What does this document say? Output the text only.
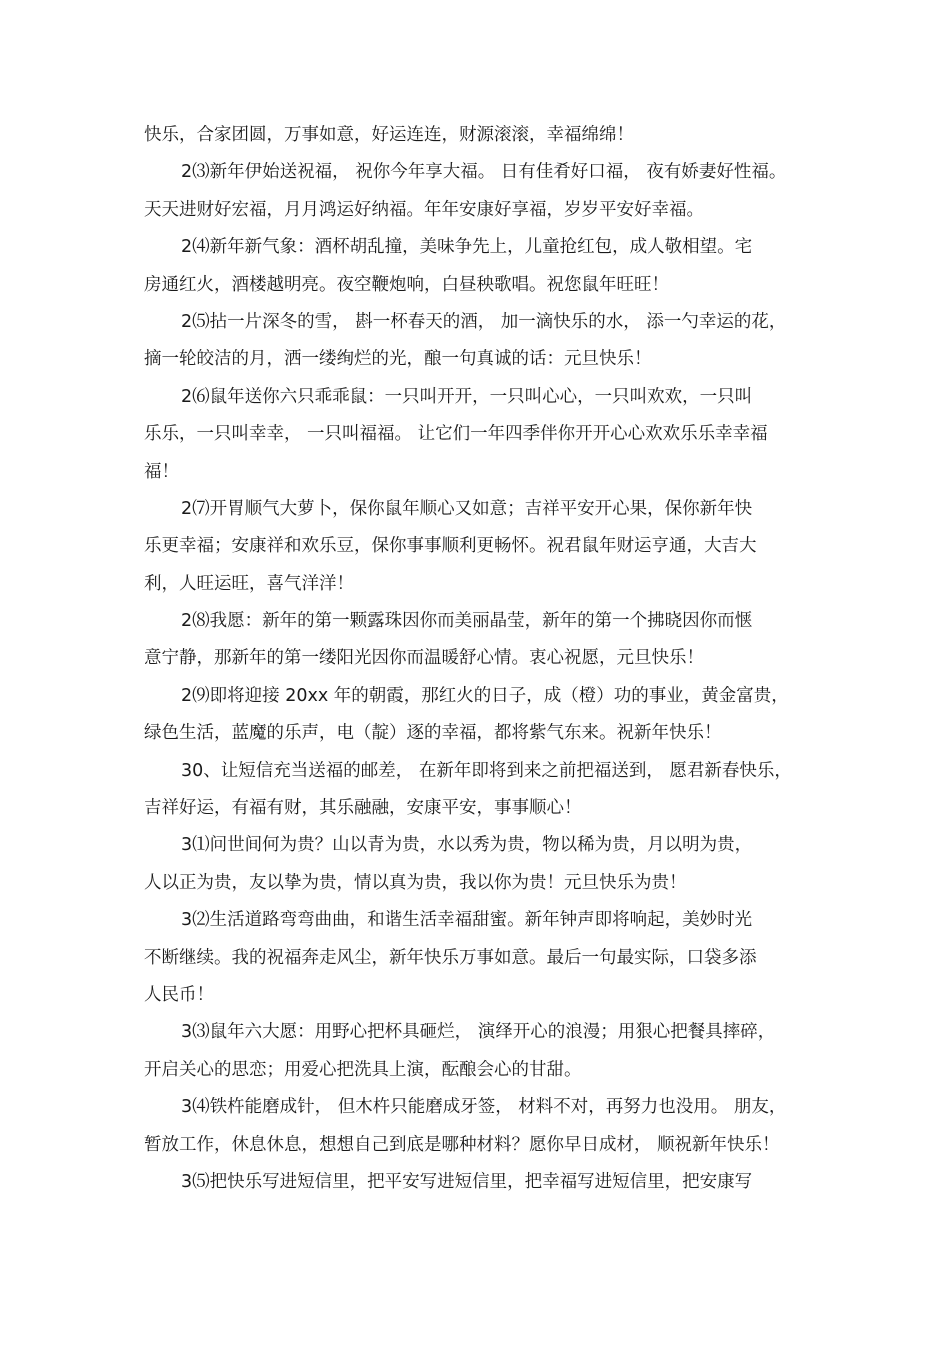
快乐，合家团圆，万事如意，好运连连，财源滚滚，幸福绵绵！
2⑶新年伊始送祝福， 祝你今年享大福。 日有佳肴好口福， 夜有娇妻好性福。
天天进财好宏福，月月鸿运好纳福。年年安康好享福，岁岁平安好幸福。
2⑷新年新气象：酒杯胡乱撞，美味争先上，儿童抢红包，成人敬相望。宅
房通红火，酒楼越明亮。夜空鞭炮响，白昼秧歌唱。祝您鼠年旺旺！
2⑸拈一片深冬的雪， 斟一杯春天的酒， 加一滴快乐的水， 添一勺幸运的花，
摘一轮皎洁的月，洒一缕绚烂的光，酿一句真诚的话：元旦快乐！
2⑹鼠年送你六只乖乖鼠：一只叫开开，一只叫心心，一只叫欢欢，一只叫
乐乐，一只叫幸幸， 一只叫福福。 让它们一年四季伴你开开心心欢欢乐乐幸幸福
福！
2⑺开胃顺气大萝卜，保你鼠年顺心又如意；吉祥平安开心果，保你新年快
乐更幸福；安康祥和欢乐豆，保你事事顺利更畅怀。祝君鼠年财运亨通，大吉大
利，人旺运旺，喜气洋洋！
2⑻我愿：新年的第一颗露珠因你而美丽晶莹，新年的第一个拂晓因你而惬
意宁静，那新年的第一缕阳光因你而温暖舒心情。衷心祝愿，元旦快乐！
2⑼即将迎接 20xx 年的朝霞，那红火的日子，成（橙）功的事业，黄金富贵，
绿色生活，蓝魔的乐声，电（靛）逐的幸福，都将紫气东来。祝新年快乐！
30、让短信充当送福的邮差， 在新年即将到来之前把福送到， 愿君新春快乐，
吉祥好运，有福有财，其乐融融，安康平安，事事顺心！
3⑴问世间何为贵？山以青为贵，水以秀为贵，物以稀为贵，月以明为贵，
人以正为贵，友以挚为贵，情以真为贵，我以你为贵！元旦快乐为贵！
3⑵生活道路弯弯曲曲，和谐生活幸福甜蜜。新年钟声即将响起，美妙时光
不断继续。我的祝福奔走风尘，新年快乐万事如意。最后一句最实际，口袋多添
人民币！
3⑶鼠年六大愿：用野心把杯具砸烂， 演绎开心的浪漫；用狠心把餐具摔碎，
开启关心的思恋；用爱心把洗具上演，酝酿会心的甘甜。
3⑷铁杵能磨成针， 但木杵只能磨成牙签， 材料不对，再努力也没用。 朋友，
暂放工作，休息休息，想想自己到底是哪种材料？愿你早日成材， 顺祝新年快乐！
3⑸把快乐写进短信里，把平安写进短信里，把幸福写进短信里，把安康写
